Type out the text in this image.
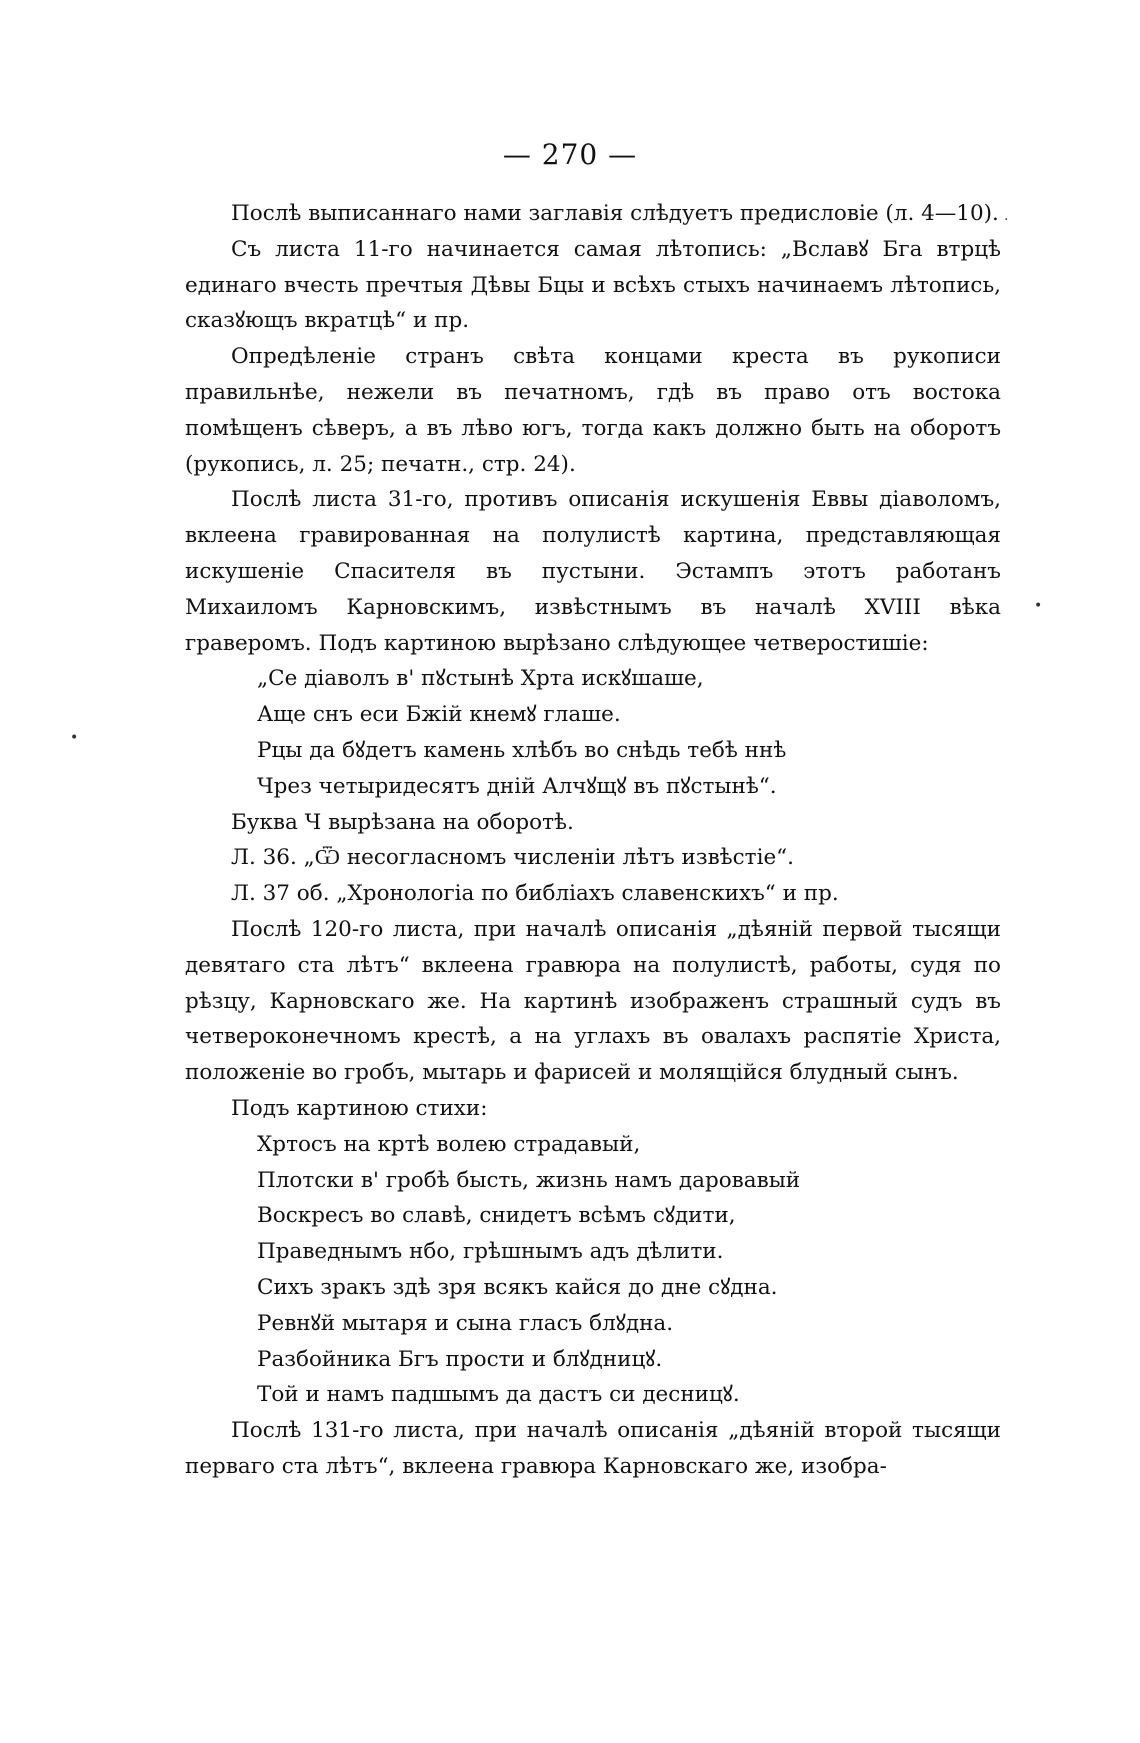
— 270 —

Послѣ выписаннаго нами заглавія слѣдуетъ предисловіе (л. 4—10).

Съ листа 11-го начинается самая лѣтопись: „Вславꙋ Бга втрцѣ единаго вчесть пречтыя Дѣвы Бцы и всѣхъ стыхъ начинаемъ лѣтопись, сказꙋющъ вкратцѣ“ и пр.

Опредѣленіе странъ свѣта концами креста въ рукописи правильнѣе, нежели въ печатномъ, гдѣ въ право отъ востока помѣщенъ сѣверъ, а въ лѣво югъ, тогда какъ должно быть на оборотъ (рукопись, л. 25; печатн., стр. 24).

Послѣ листа 31-го, противъ описанія искушенія Еввы діаволомъ, вклеена гравированная на полулистѣ картина, представляющая искушеніе Спасителя въ пустыни. Эстампъ этотъ работанъ Михаиломъ Карновскимъ, извѣстнымъ въ началѣ XVIII вѣка граверомъ. Подъ картиною вырѣзано слѣдующее четверостишіе:

„Се діаволъ в' пꙋстынѣ Хрта искꙋшаше,
Аще снъ еси Бжій кнемꙋ глаше.
Рцы да бꙋдетъ камень хлѣбъ во снѣдь тебѣ ннѣ
Чрез четыридесятъ дній Алчꙋщꙋ въ пꙋстынѣ“.

Буква Ч вырѣзана на оборотѣ.

Л. 36. „Ѿ несогласномъ численіи лѣтъ извѣстіе“.

Л. 37 об. „Хронологіа по библіахъ славенскихъ“ и пр.

Послѣ 120-го листа, при началѣ описанія „дѣяній первой тысящи девятаго ста лѣтъ“ вклеена гравюра на полулистѣ, работы, судя по рѣзцу, Карновскаго же. На картинѣ изображенъ страшный судъ въ четвероконечномъ крестѣ, а на углахъ въ овалахъ распятіе Христа, положеніе во гробъ, мытарь и фарисей и молящійся блудный сынъ.

Подъ картиною стихи:

Хртосъ на кртѣ волею страдавый,
Плотски в' гробѣ бысть, жизнь намъ даровавый
Воскресъ во славѣ, снидетъ всѣмъ сꙋдити,
Праведнымъ нбо, грѣшнымъ адъ дѣлити.
Сихъ зракъ здѣ зря всякъ кайся до дне сꙋдна.
Ревнꙋй мытаря и сына гласъ блꙋдна.
Разбойника Бгъ прости и блꙋдницꙋ.
Той и намъ падшымъ да дастъ си десницꙋ.

Послѣ 131-го листа, при началѣ описанія „дѣяній второй тысящи перваго ста лѣтъ“, вклеена гравюра Карновскаго же, изобра-

•
•
·
